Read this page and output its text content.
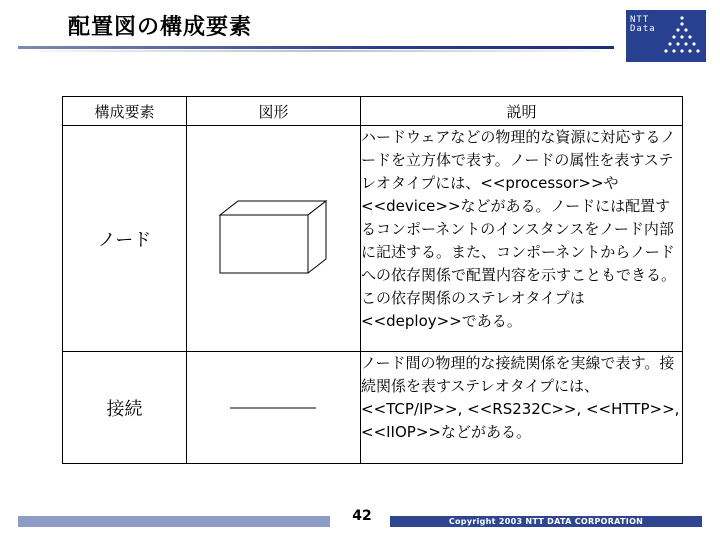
配置図の構成要素	NTT
Data
構成要素	図形	説明
ノード		ハードウェアなどの物理的な資源に対応するノードを立方体で表す。ノードの属性を表すステレオタイプには、<<processor>>や<<device>>などがある。ノードには配置するコンポーネントのインスタンスをノード内部に記述する。また、コンポーネントからノードへの依存関係で配置内容を示すこともできる。この依存関係のステレオタイプは<<deploy>>である。
接続		ノード間の物理的な接続関係を実線で表す。接続関係を表すステレオタイプには、<<TCP/IP>>, <<RS232C>>, <<HTTP>>, <<IIOP>>などがある。
42	Copyright 2003 NTT DATA CORPORATION
